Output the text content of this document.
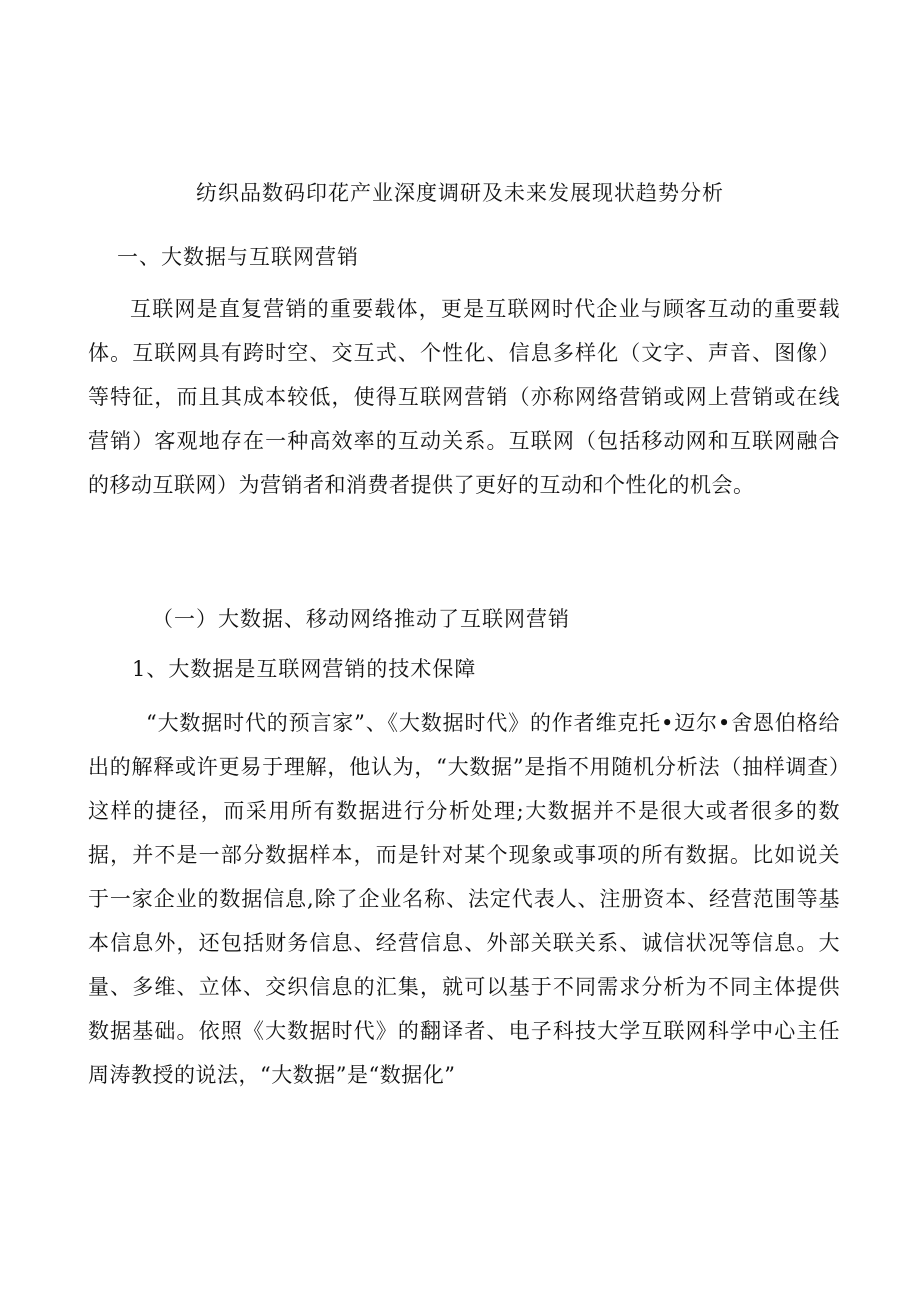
纺织品数码印花产业深度调研及未来发展现状趋势分析
一、大数据与互联网营销
互联网是直复营销的重要载体，更是互联网时代企业与顾客互动的重要载体。互联网具有跨时空、交互式、个性化、信息多样化（文字、声音、图像）等特征，而且其成本较低，使得互联网营销（亦称网络营销或网上营销或在线营销）客观地存在一种高效率的互动关系。互联网（包括移动网和互联网融合的移动互联网）为营销者和消费者提供了更好的互动和个性化的机会。
（一）大数据、移动网络推动了互联网营销
1、大数据是互联网营销的技术保障
“大数据时代的预言家”、《大数据时代》的作者维克托•迈尔•舍恩伯格给出的解释或许更易于理解，他认为，“大数据”是指不用随机分析法（抽样调查）这样的捷径，而采用所有数据进行分析处理;大数据并不是很大或者很多的数据，并不是一部分数据样本，而是针对某个现象或事项的所有数据。比如说关于一家企业的数据信息,除了企业名称、法定代表人、注册资本、经营范围等基本信息外，还包括财务信息、经营信息、外部关联关系、诚信状况等信息。大量、多维、立体、交织信息的汇集，就可以基于不同需求分析为不同主体提供数据基础。依照《大数据时代》的翻译者、电子科技大学互联网科学中心主任周涛教授的说法，“大数据”是“数据化”
